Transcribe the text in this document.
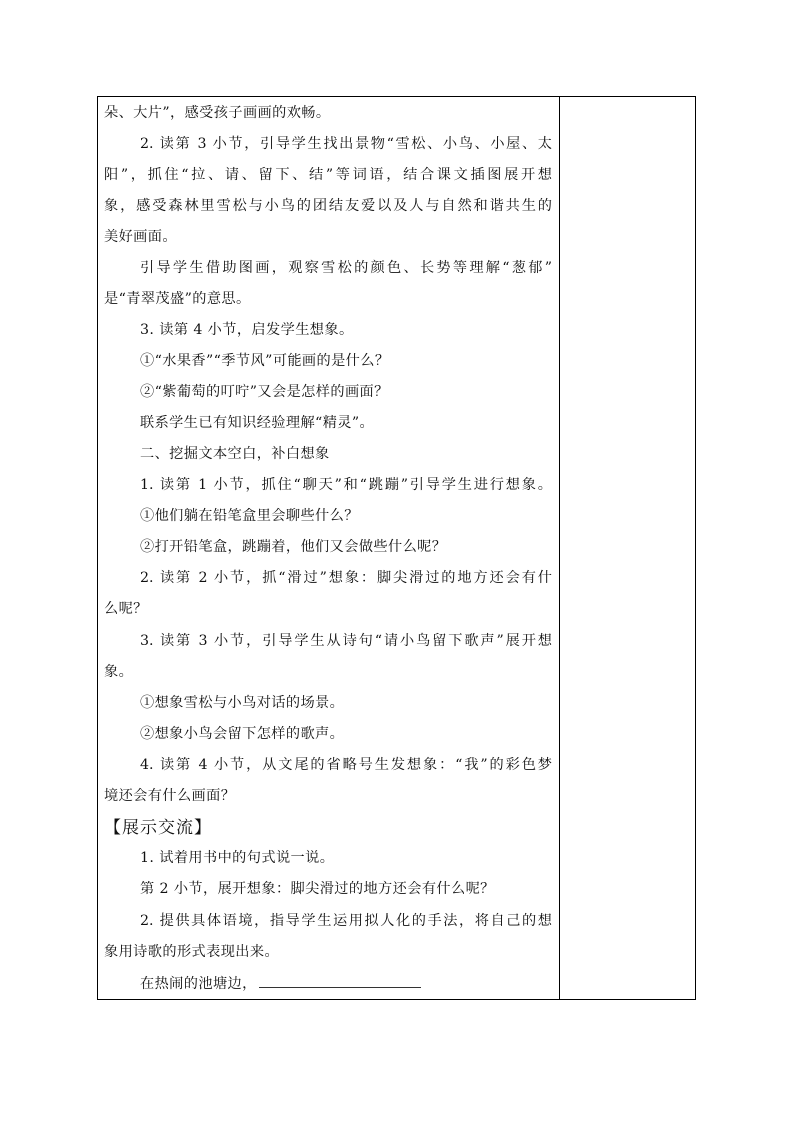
朵、大片”，感受孩子画画的欢畅。
2. 读第 3 小节，引导学生找出景物“雪松、小鸟、小屋、太
阳”，抓住“拉、请、留下、结”等词语，结合课文插图展开想
象，感受森林里雪松与小鸟的团结友爱以及人与自然和谐共生的
美好画面。
引导学生借助图画，观察雪松的颜色、长势等理解“葱郁”
是“青翠茂盛”的意思。
3. 读第 4 小节，启发学生想象。
①“水果香”“季节风”可能画的是什么？
②“紫葡萄的叮咛”又会是怎样的画面？
联系学生已有知识经验理解“精灵”。
二、挖掘文本空白，补白想象
1. 读第 1 小节，抓住“聊天”和“跳蹦”引导学生进行想象。
①他们躺在铅笔盒里会聊些什么？
②打开铅笔盒，跳蹦着，他们又会做些什么呢？
2. 读第 2 小节，抓“滑过”想象：脚尖滑过的地方还会有什
么呢？
3. 读第 3 小节，引导学生从诗句“请小鸟留下歌声”展开想
象。
①想象雪松与小鸟对话的场景。
②想象小鸟会留下怎样的歌声。
4. 读第 4 小节，从文尾的省略号生发想象：“我”的彩色梦
境还会有什么画面？
【展示交流】
1. 试着用书中的句式说一说。
第 2 小节，展开想象：脚尖滑过的地方还会有什么呢？
2. 提供具体语境，指导学生运用拟人化的手法，将自己的想
象用诗歌的形式表现出来。
在热闹的池塘边，
